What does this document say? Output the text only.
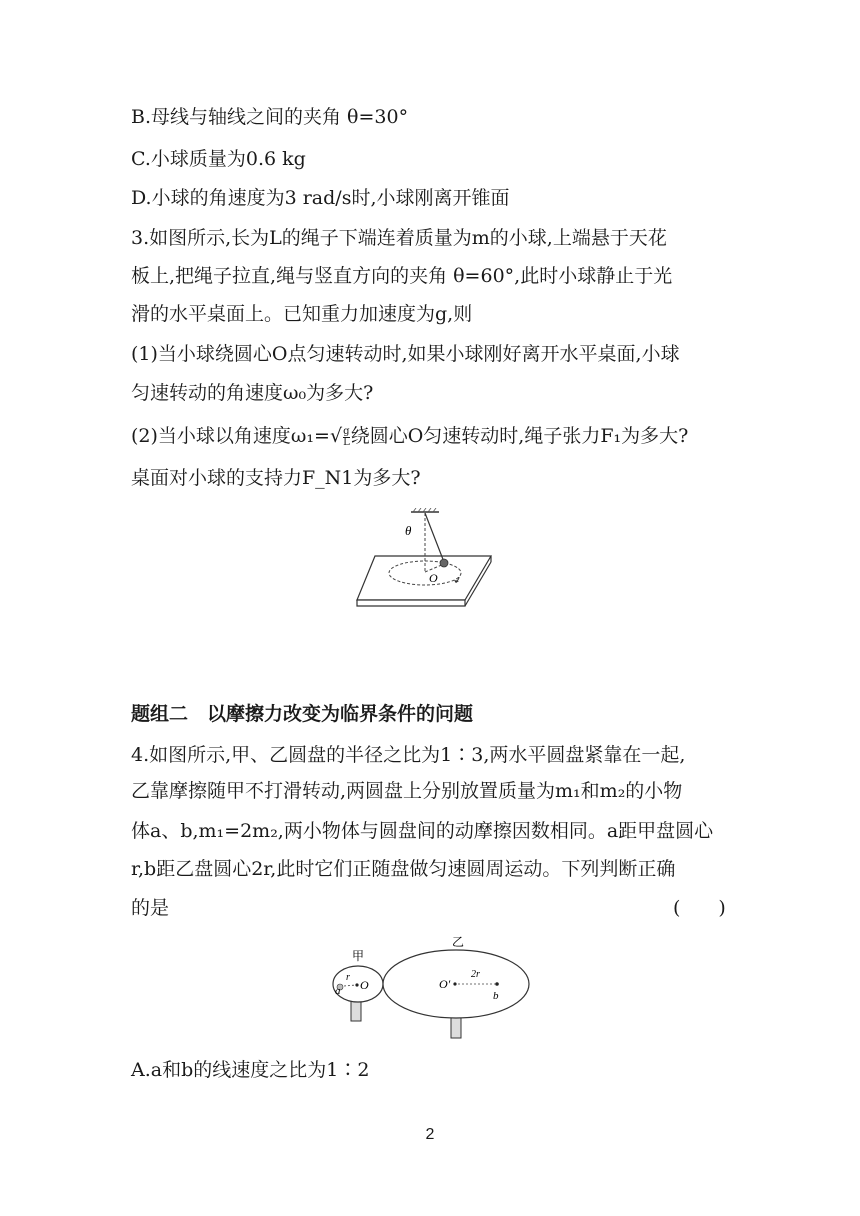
B.母线与轴线之间的夹角 θ=30°
C.小球质量为0.6 kg
D.小球的角速度为3 rad/s时,小球刚离开锥面
3.如图所示,长为L的绳子下端连着质量为m的小球,上端悬于天花
板上,把绳子拉直,绳与竖直方向的夹角 θ=60°,此时小球静止于光
滑的水平桌面上。已知重力加速度为g,则
(1)当小球绕圆心O点匀速转动时,如果小球刚好离开水平桌面,小球
匀速转动的角速度ω₀为多大?
(2)当小球以角速度$\omega_1=√ \frac{g}{L}$ 绕圆心O匀速转动时,绳子张力F₁为多大?
桌面对小球的支持力F_N1为多大?
θ
O
题组二　以摩擦力改变为临界条件的问题
4.如图所示,甲、乙圆盘的半径之比为1∶3,两水平圆盘紧靠在一起,
乙靠摩擦随甲不打滑转动,两圆盘上分别放置质量为m₁和m₂的小物
体a、b,m₁=2m₂,两小物体与圆盘间的动摩擦因数相同。a距甲盘圆心
r,b距乙盘圆心2r,此时它们正随盘做匀速圆周运动。下列判断正确
的是	(　　)
甲
乙
a
r
O	O′
2r
b
A.a和b的线速度之比为1∶2
2
